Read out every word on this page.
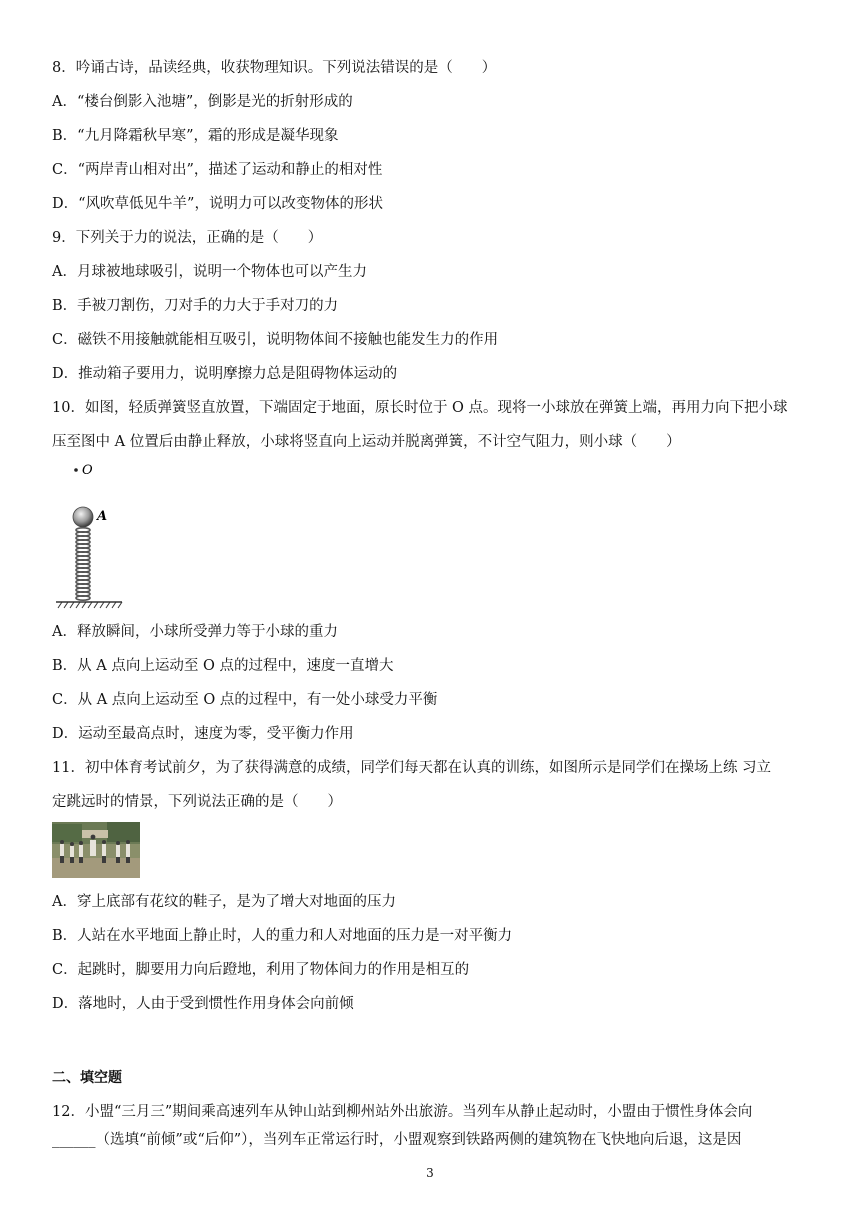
8．吟诵古诗，品读经典，收获物理知识。下列说法错误的是（　　）
A．“楼台倒影入池塘”，倒影是光的折射形成的
B．“九月降霜秋早寒”，霜的形成是凝华现象
C．“两岸青山相对出”，描述了运动和静止的相对性
D．“风吹草低见牛羊”，说明力可以改变物体的形状
9．下列关于力的说法，正确的是（　　）
A．月球被地球吸引，说明一个物体也可以产生力
B．手被刀割伤，刀对手的力大于手对刀的力
C．磁铁不用接触就能相互吸引，说明物体间不接触也能发生力的作用
D．推动箱子要用力，说明摩擦力总是阻碍物体运动的
10．如图，轻质弹簧竖直放置，下端固定于地面，原长时位于 O 点。现将一小球放在弹簧上端，再用力向下把小球
压至图中 A 位置后由静止释放，小球将竖直向上运动并脱离弹簧，不计空气阻力，则小球（　　）
O
A
A．释放瞬间，小球所受弹力等于小球的重力
B．从 A 点向上运动至 O 点的过程中，速度一直增大
C．从 A 点向上运动至 O 点的过程中，有一处小球受力平衡
D．运动至最高点时，速度为零，受平衡力作用
11．初中体育考试前夕，为了获得满意的成绩，同学们每天都在认真的训练，如图所示是同学们在操场上练 习立
定跳远时的情景，下列说法正确的是（　　）
A．穿上底部有花纹的鞋子，是为了增大对地面的压力
B．人站在水平地面上静止时，人的重力和人对地面的压力是一对平衡力
C．起跳时，脚要用力向后蹬地，利用了物体间力的作用是相互的
D．落地时，人由于受到惯性作用身体会向前倾
二、填空题
12．小盟“三月三”期间乘高速列车从钟山站到柳州站外出旅游。当列车从静止起动时，小盟由于惯性身体会向
______（选填“前倾”或“后仰”），当列车正常运行时，小盟观察到铁路两侧的建筑物在飞快地向后退，这是因
3
